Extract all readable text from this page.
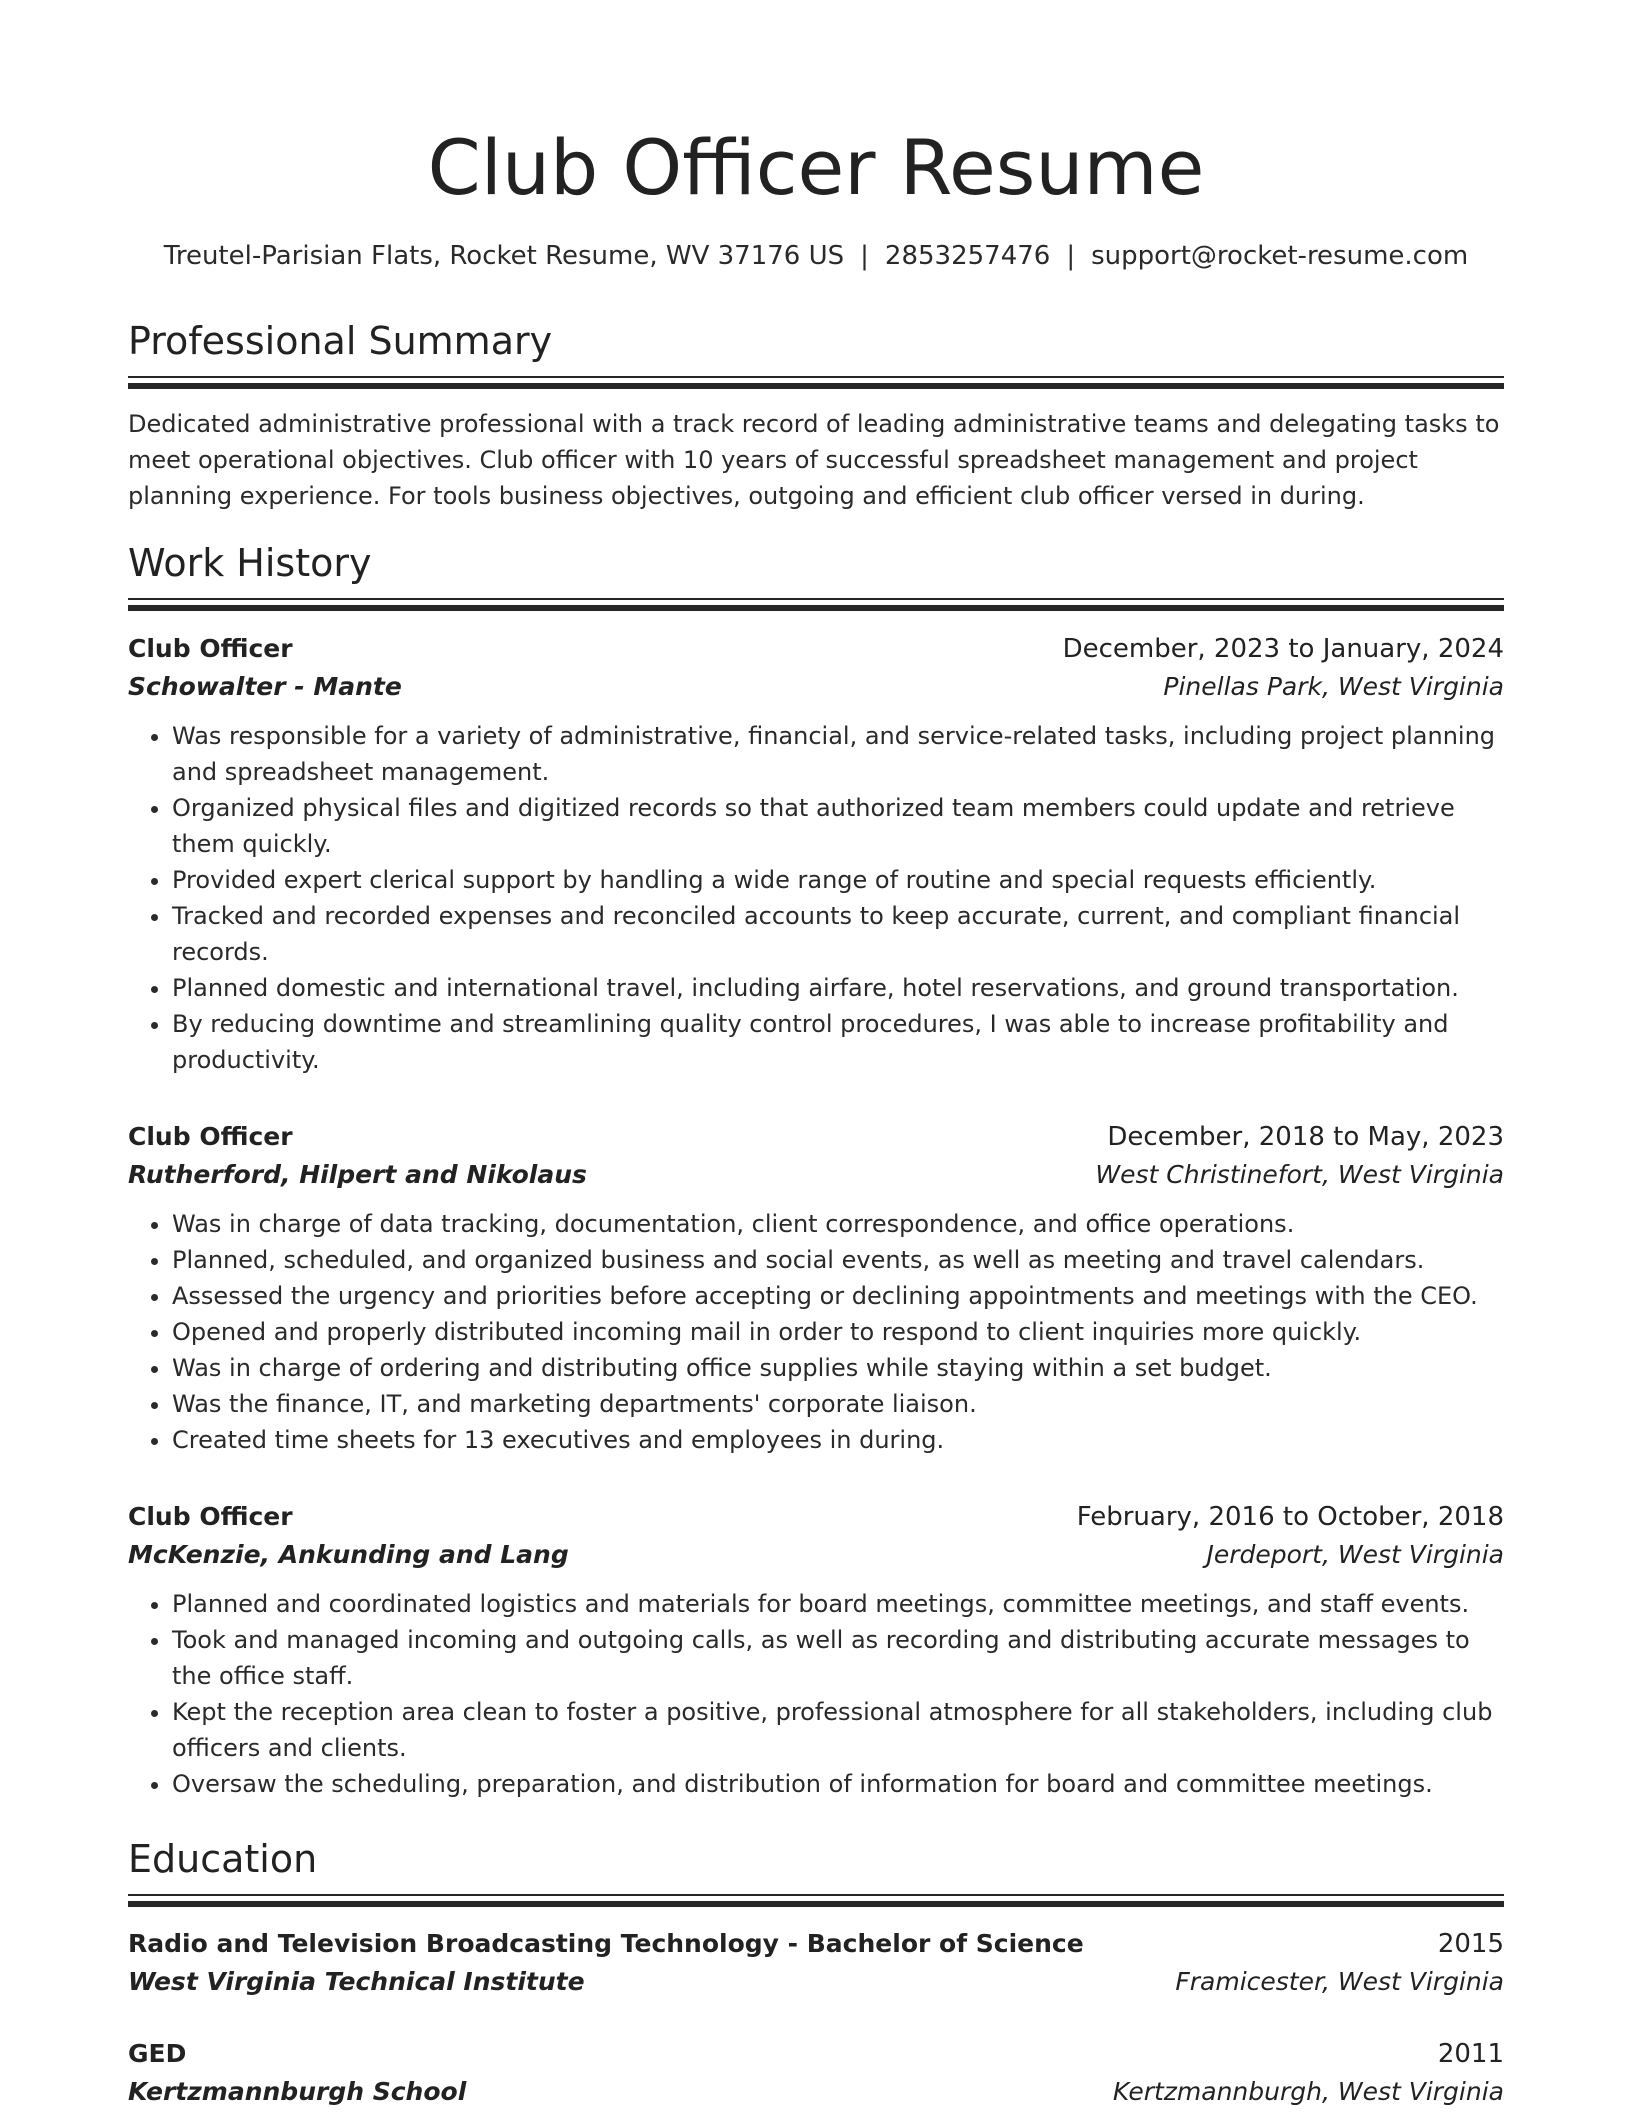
Club Officer Resume
Treutel-Parisian Flats, Rocket Resume, WV 37176 US | 2853257476 | support@rocket-resume.com
Professional Summary

Dedicated administrative professional with a track record of leading administrative teams and delegating tasks to meet operational objectives. Club officer with 10 years of successful spreadsheet management and project planning experience. For tools business objectives, outgoing and efficient club officer versed in during.

Work History
Club Officer	December, 2023 to January, 2024
Schowalter - Mante	Pinellas Park, West Virginia
• Was responsible for a variety of administrative, financial, and service-related tasks, including project planning and spreadsheet management.
• Organized physical files and digitized records so that authorized team members could update and retrieve them quickly.
• Provided expert clerical support by handling a wide range of routine and special requests efficiently.
• Tracked and recorded expenses and reconciled accounts to keep accurate, current, and compliant financial records.
• Planned domestic and international travel, including airfare, hotel reservations, and ground transportation.
• By reducing downtime and streamlining quality control procedures, I was able to increase profitability and productivity.
Club Officer	December, 2018 to May, 2023
Rutherford, Hilpert and Nikolaus	West Christinefort, West Virginia
• Was in charge of data tracking, documentation, client correspondence, and office operations.
• Planned, scheduled, and organized business and social events, as well as meeting and travel calendars.
• Assessed the urgency and priorities before accepting or declining appointments and meetings with the CEO.
• Opened and properly distributed incoming mail in order to respond to client inquiries more quickly.
• Was in charge of ordering and distributing office supplies while staying within a set budget.
• Was the finance, IT, and marketing departments' corporate liaison.
• Created time sheets for 13 executives and employees in during.
Club Officer	February, 2016 to October, 2018
McKenzie, Ankunding and Lang	Jerdeport, West Virginia
• Planned and coordinated logistics and materials for board meetings, committee meetings, and staff events.
• Took and managed incoming and outgoing calls, as well as recording and distributing accurate messages to the office staff.
• Kept the reception area clean to foster a positive, professional atmosphere for all stakeholders, including club officers and clients.
• Oversaw the scheduling, preparation, and distribution of information for board and committee meetings.
Education
Radio and Television Broadcasting Technology - Bachelor of Science	2015
West Virginia Technical Institute	Framicester, West Virginia
GED	2011
Kertzmannburgh School	Kertzmannburgh, West Virginia
